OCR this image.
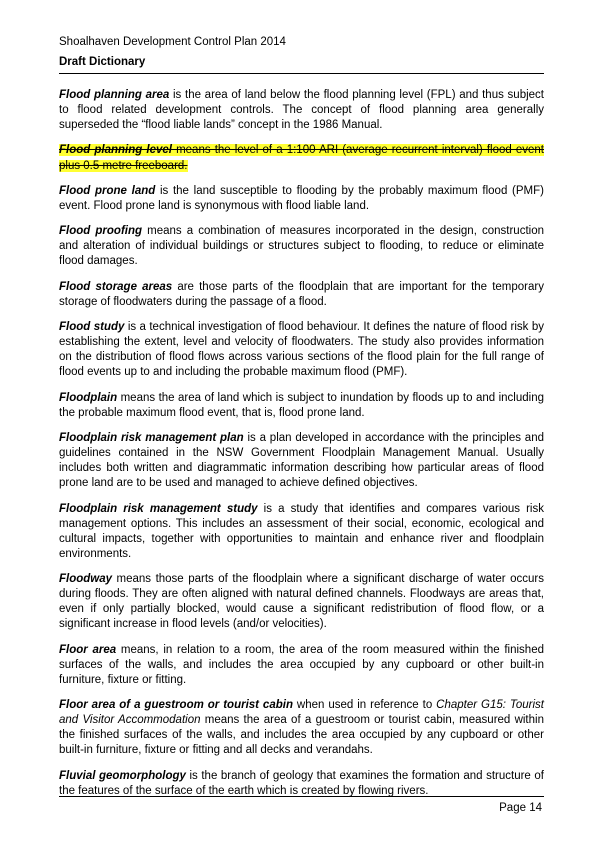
Shoalhaven Development Control Plan 2014
Draft Dictionary

Flood planning area is the area of land below the flood planning level (FPL) and thus subject to flood related development controls. The concept of flood planning area generally superseded the “flood liable lands” concept in the 1986 Manual.

Flood planning level means the level of a 1:100 ARI (average recurrent interval) flood event plus 0.5 metre freeboard.

Flood prone land is the land susceptible to flooding by the probably maximum flood (PMF) event. Flood prone land is synonymous with flood liable land.

Flood proofing means a combination of measures incorporated in the design, construction and alteration of individual buildings or structures subject to flooding, to reduce or eliminate flood damages.

Flood storage areas are those parts of the floodplain that are important for the temporary storage of floodwaters during the passage of a flood.

Flood study is a technical investigation of flood behaviour. It defines the nature of flood risk by establishing the extent, level and velocity of floodwaters. The study also provides information on the distribution of flood flows across various sections of the flood plain for the full range of flood events up to and including the probable maximum flood (PMF).

Floodplain means the area of land which is subject to inundation by floods up to and including the probable maximum flood event, that is, flood prone land.

Floodplain risk management plan is a plan developed in accordance with the principles and guidelines contained in the NSW Government Floodplain Management Manual. Usually includes both written and diagrammatic information describing how particular areas of flood prone land are to be used and managed to achieve defined objectives.

Floodplain risk management study is a study that identifies and compares various risk management options. This includes an assessment of their social, economic, ecological and cultural impacts, together with opportunities to maintain and enhance river and floodplain environments.

Floodway means those parts of the floodplain where a significant discharge of water occurs during floods. They are often aligned with natural defined channels. Floodways are areas that, even if only partially blocked, would cause a significant redistribution of flood flow, or a significant increase in flood levels (and/or velocities).

Floor area means, in relation to a room, the area of the room measured within the finished surfaces of the walls, and includes the area occupied by any cupboard or other built-in furniture, fixture or fitting.

Floor area of a guestroom or tourist cabin when used in reference to Chapter G15: Tourist and Visitor Accommodation means the area of a guestroom or tourist cabin, measured within the finished surfaces of the walls, and includes the area occupied by any cupboard or other built-in furniture, fixture or fitting and all decks and verandahs.

Fluvial geomorphology is the branch of geology that examines the formation and structure of the features of the surface of the earth which is created by flowing rivers.

Page 14
